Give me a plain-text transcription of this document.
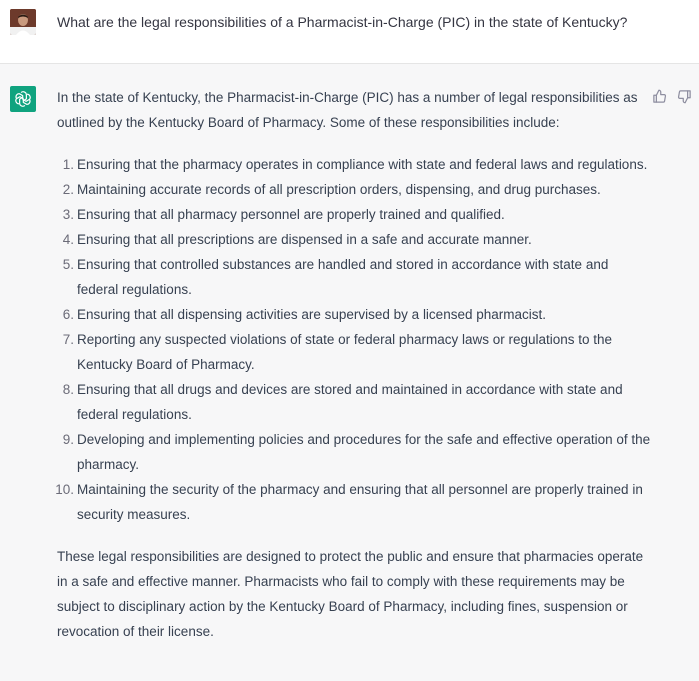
What are the legal responsibilities of a Pharmacist-in-Charge (PIC) in the state of Kentucky?

In the state of Kentucky, the Pharmacist-in-Charge (PIC) has a number of legal responsibilities as outlined by the Kentucky Board of Pharmacy. Some of these responsibilities include:

1. Ensuring that the pharmacy operates in compliance with state and federal laws and regulations.
2. Maintaining accurate records of all prescription orders, dispensing, and drug purchases.
3. Ensuring that all pharmacy personnel are properly trained and qualified.
4. Ensuring that all prescriptions are dispensed in a safe and accurate manner.
5. Ensuring that controlled substances are handled and stored in accordance with state and federal regulations.
6. Ensuring that all dispensing activities are supervised by a licensed pharmacist.
7. Reporting any suspected violations of state or federal pharmacy laws or regulations to the Kentucky Board of Pharmacy.
8. Ensuring that all drugs and devices are stored and maintained in accordance with state and federal regulations.
9. Developing and implementing policies and procedures for the safe and effective operation of the pharmacy.
10. Maintaining the security of the pharmacy and ensuring that all personnel are properly trained in security measures.

These legal responsibilities are designed to protect the public and ensure that pharmacies operate in a safe and effective manner. Pharmacists who fail to comply with these requirements may be subject to disciplinary action by the Kentucky Board of Pharmacy, including fines, suspension or revocation of their license.
